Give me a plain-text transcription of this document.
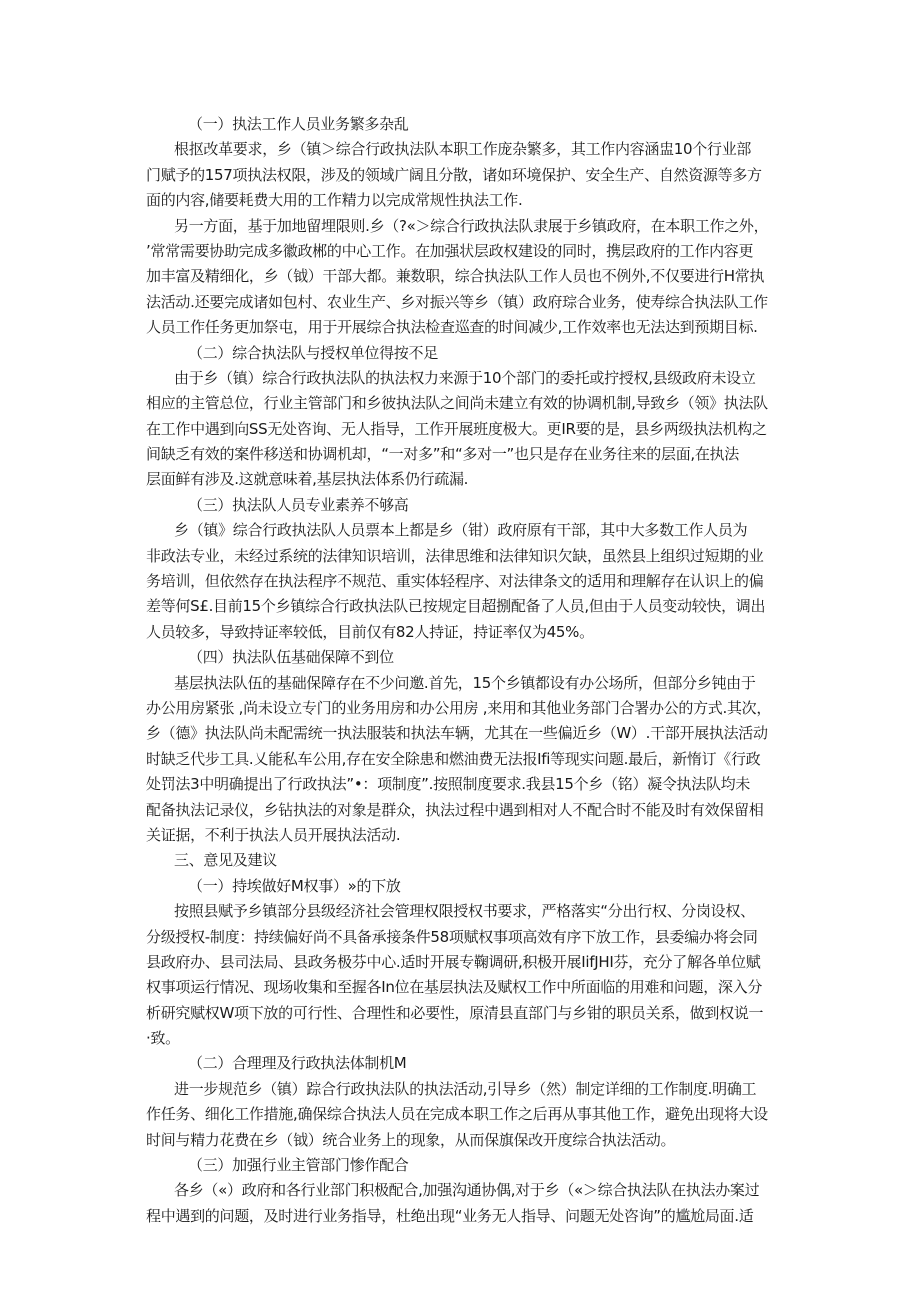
（一）执法工作人员业务繁多杂乱
根抠改革要求，乡（镇＞综合行政执法队本职工作庞杂繁多，其工作内容涵盅10个行业部
门赋予的157项执法权限，涉及的领域广阔且分散，诸如环境保护、安全生产、自然资源等多方
面的内容,储要耗费大用的工作精力以完成常规性执法工作.
另一方面，基于加地留埋限则.乡（?«＞综合行政执法队隶展于乡镇政府，在本职工作之外，
’常常需要协助完成多徽政郴的中心工作。在加强状层政权建设的同时，携层政府的工作内容更
加丰富及精细化，乡（钺）干部大都。兼数职，综合执法队工作人员也不例外,不仅要进行H常执
法活动.还要完成诸如包村、农业生产、乡对振兴等乡（镇）政府琮合业务，使寿综合执法队工作
人员工作任务更加祭屯，用于开展综合执法检查巡查的时间减少,工作效率也无法达到预期目标.
（二）综合执法队与授权单位得按不足
由于乡（镇）综合行政执法队的执法权力来源于10个部门的委托或拧授权,县级政府未设立
相应的主管总位，行业主管部门和乡彼执法队之间尚未建立有效的协调机制,导致乡（领》执法队
在工作中遇到向SS无处咨询、无人指导，工作开展班度极大。更IR要的是，县乡两级执法机构之
间缺乏有效的案件移送和协调机却，“一对多”和“多对一”也只是存在业务往来的层面,在执法
层面鲜有涉及.这就意味着,基层执法体系仍行疏漏.
（三）执法队人员专业素养不够高
乡（镇》综合行政执法队人员票本上都是乡（钳）政府原有干部，其中大多数工作人员为
非政法专业，未经过系统的法律知识培训，法律思维和法律知识欠缺，虽然县上组织过短期的业
务培训，但依然存在执法程序不规范、重实体轻程序、对法律条文的适用和理解存在认识上的偏
差等何S£.目前15个乡镇综合行政执法队已按规定目超捌配备了人员,但由于人员变动较快，调出
人员较多，导致持证率较低，目前仅有82人持证，持证率仅为45%。
（四）执法队伍基础保障不到位
基层执法队伍的基础保障存在不少问邀.首先，15个乡镇都设有办公场所，但部分乡钝由于
办公用房紧张 ,尚未设立专门的业务用房和办公用房 ,来用和其他业务部门合署办公的方式.其次，
乡（德》执法队尚未配需统一执法服装和执法车辆，尤其在一些偏近乡（W）.干部开展执法活动
时缺乏代步工具.乂能私车公用,存在安全除患和燃油费无法报Ifi等现实问题.最后，新惰订《行政
处罚法3中明确提出了行政执法”•：项制度”.按照制度要求.我县15个乡（铭）凝令执法队均未
配备执法记录仪，乡钻执法的对象是群众，执法过程中遇到相对人不配合时不能及时有效保留相
关证据，不利于执法人员开展执法活动.
三、意见及建议
（一）持埃做好M权事）»的下放
按照县赋予乡镇部分县级经济社会管理权限授权书要求，严格落实“分出行权、分岗设权、
分级授权-制度：持续偏好尚不具备承接条件58项赋权事项高效有序下放工作，县委编办将会同
县政府办、县司法局、县政务极芬中心.适时开展专鞠调研,积极开展IifJHI芬，充分了解各单位赋
权事项运行情况、现场收集和至握各In位在基层执法及赋权工作中所面临的用难和问题，深入分
析研究赋权W项下放的可行性、合理性和必要性，原清县直部门与乡钳的职员关系，做到权说一
·致。
（二）合理理及行政执法体制机M
进一步规范乡（镇）踪合行政执法队的执法活动,引导乡（然）制定详细的工作制度.明确工
作任务、细化工作措施,确保综合执法人员在完成本职工作之后再从事其他工作，避免出现将大设
时间与精力花费在乡（钺）统合业务上的现象，从而保旗保改开度综合执法活动。
（三）加强行业主管部门惨作配合
各乡（«）政府和各行业部门积极配合,加强沟通协偶,对于乡（«＞综合执法队在执法办案过
程中遇到的问题，及时进行业务指导，杜绝出现“业务无人指导、问题无处咨询”的尴尬局面.适
